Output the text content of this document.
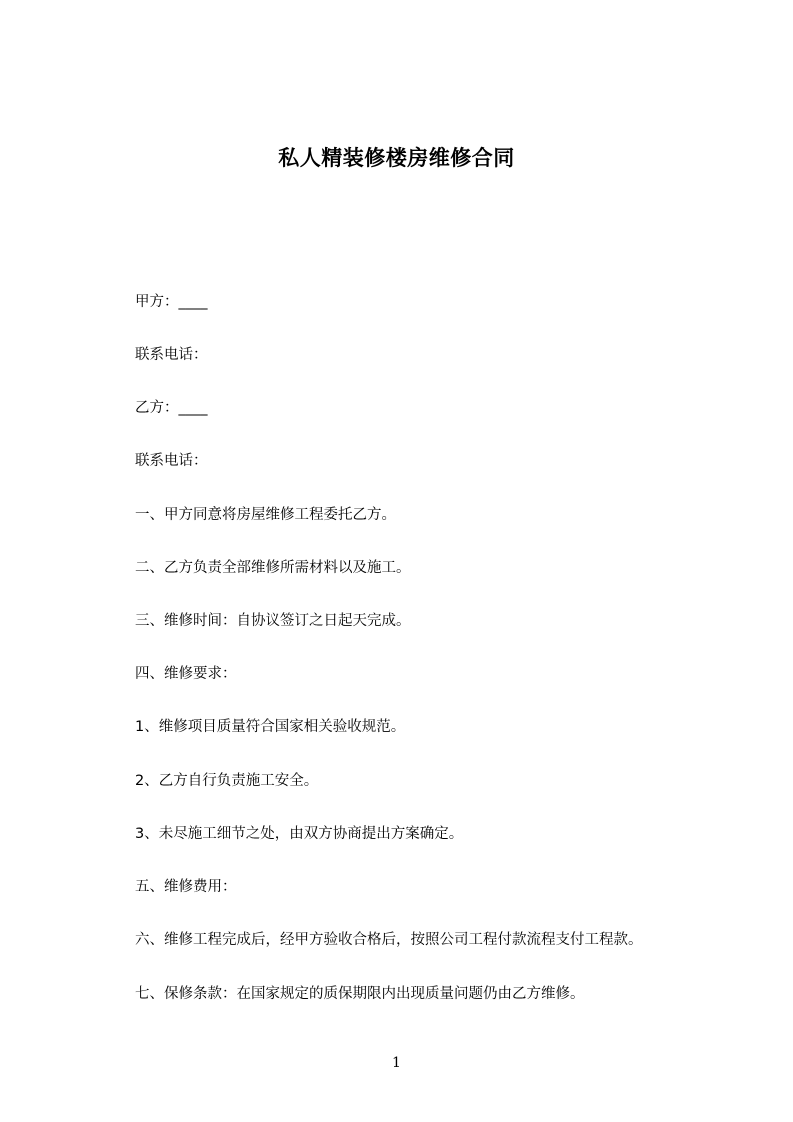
私人精装修楼房维修合同

甲方：____

联系电话：

乙方：____

联系电话：

一、甲方同意将房屋维修工程委托乙方。

二、乙方负责全部维修所需材料以及施工。

三、维修时间：自协议签订之日起天完成。

四、维修要求：

1、维修项目质量符合国家相关验收规范。

2、乙方自行负责施工安全。

3、未尽施工细节之处，由双方协商提出方案确定。

五、维修费用：

六、维修工程完成后，经甲方验收合格后，按照公司工程付款流程支付工程款。

七、保修条款：在国家规定的质保期限内出现质量问题仍由乙方维修。

1
